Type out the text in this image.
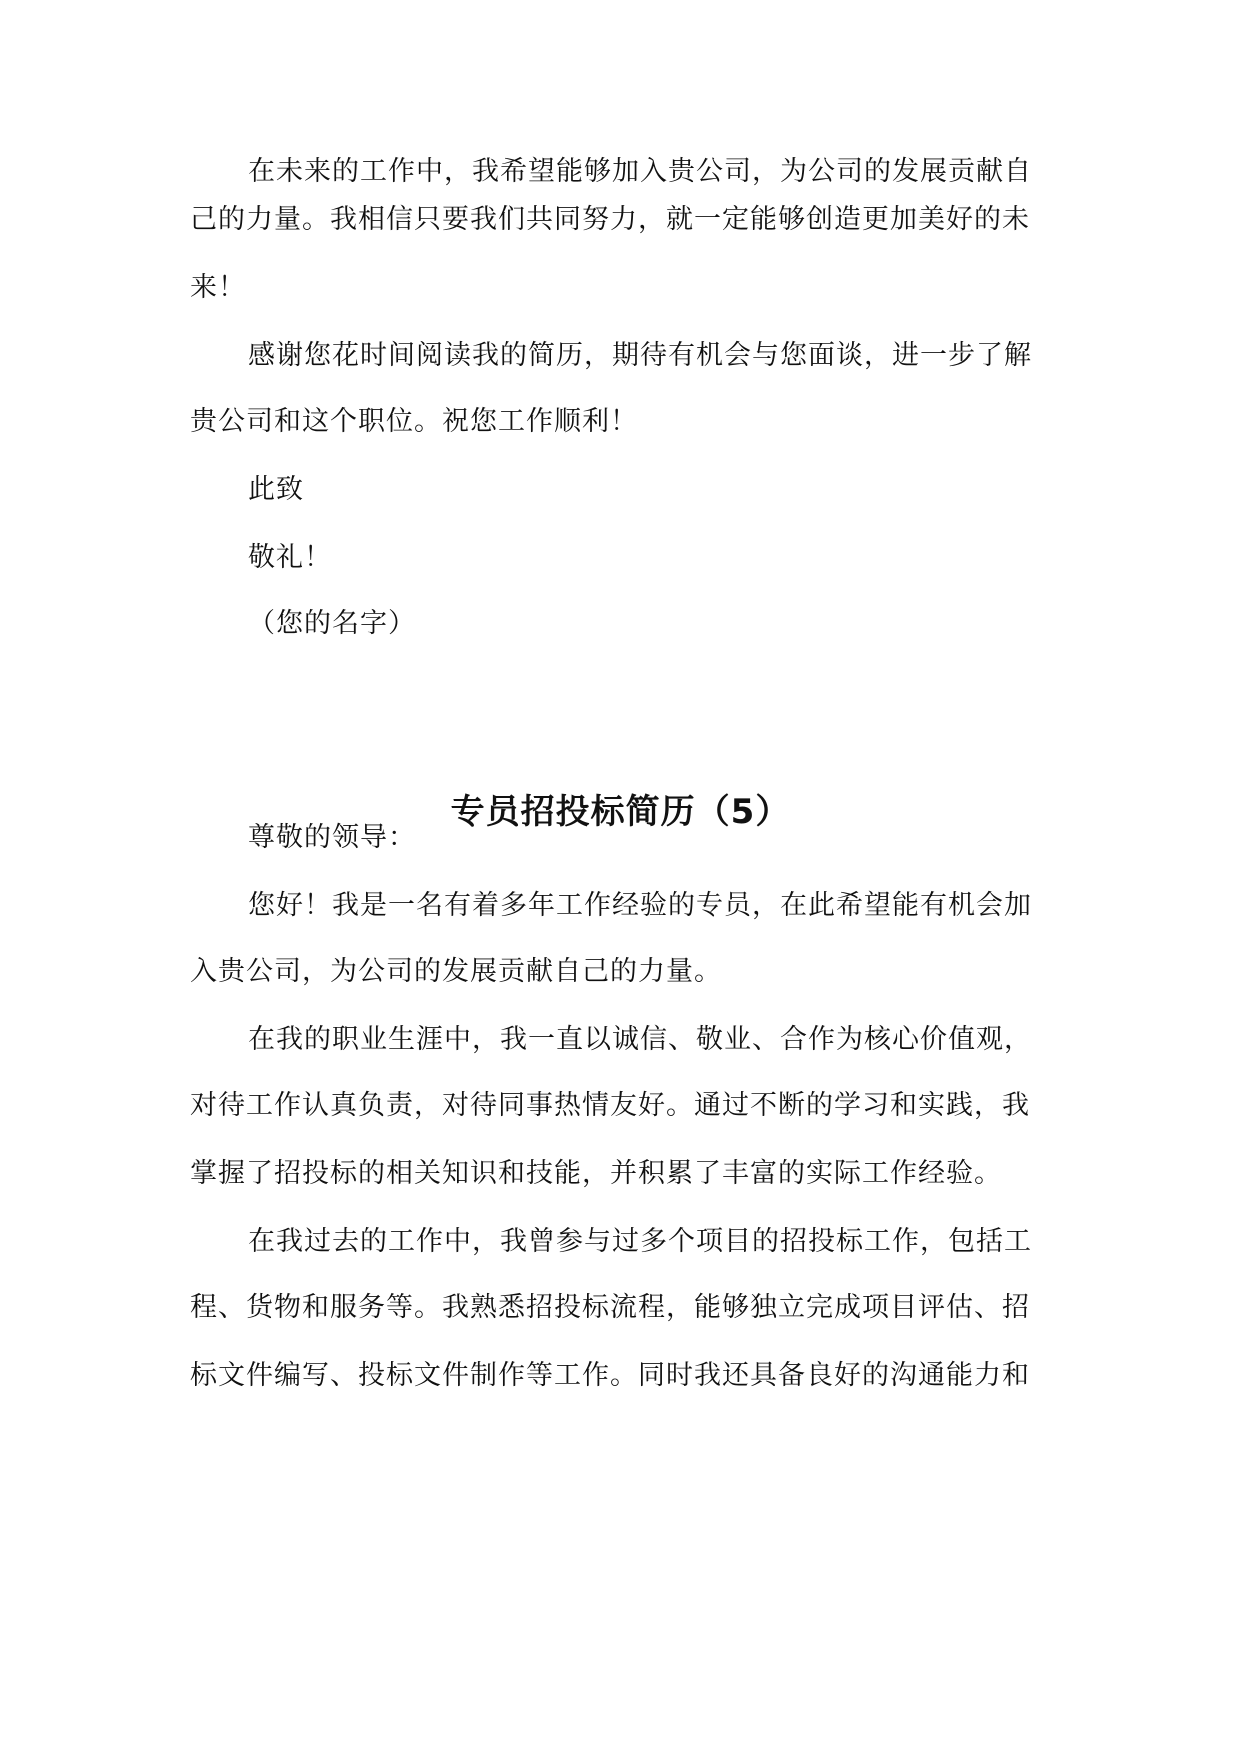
在未来的工作中，我希望能够加入贵公司，为公司的发展贡献自
己的力量。我相信只要我们共同努力，就一定能够创造更加美好的未
来！
感谢您花时间阅读我的简历，期待有机会与您面谈，进一步了解
贵公司和这个职位。祝您工作顺利！
此致
敬礼！
（您的名字）
专员招投标简历（5）
尊敬的领导：
您好！我是一名有着多年工作经验的专员，在此希望能有机会加
入贵公司，为公司的发展贡献自己的力量。
在我的职业生涯中，我一直以诚信、敬业、合作为核心价值观，
对待工作认真负责，对待同事热情友好。通过不断的学习和实践，我
掌握了招投标的相关知识和技能，并积累了丰富的实际工作经验。
在我过去的工作中，我曾参与过多个项目的招投标工作，包括工
程、货物和服务等。我熟悉招投标流程，能够独立完成项目评估、招
标文件编写、投标文件制作等工作。同时我还具备良好的沟通能力和
